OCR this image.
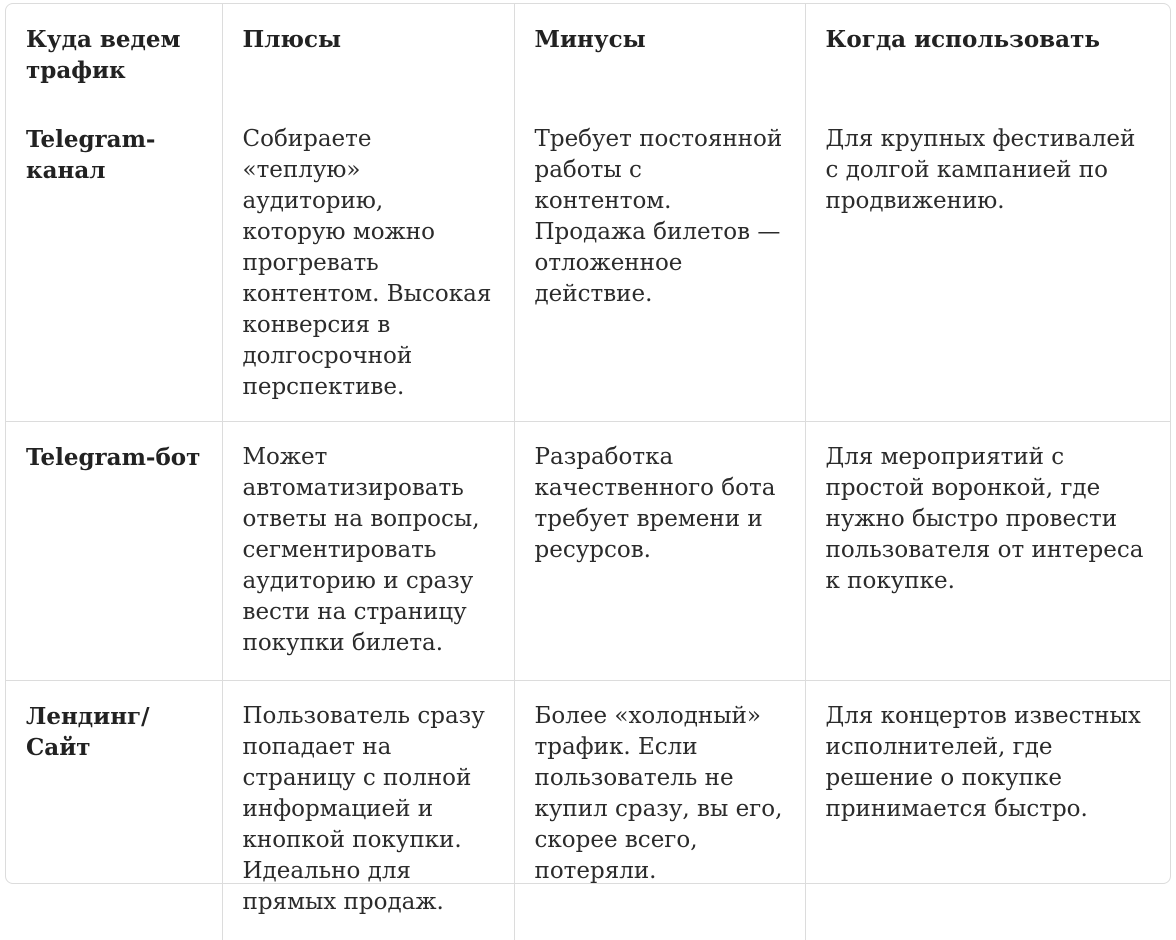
Куда ведем трафик	Плюсы	Минусы	Когда использовать
Telegram-канал	Собираете «теплую» аудиторию, которую можно прогревать контентом. Высокая конверсия в долгосрочной перспективе.	Требует постоянной работы с контентом. Продажа билетов — отложенное действие.	Для крупных фестивалей с долгой кампанией по продвижению.
Telegram-бот	Может автоматизировать ответы на вопросы, сегментировать аудиторию и сразу вести на страницу покупки билета.	Разработка качественного бота требует времени и ресурсов.	Для мероприятий с простой воронкой, где нужно быстро провести пользователя от интереса к покупке.
Лендинг/ Сайт	Пользователь сразу попадает на страницу с полной информацией и кнопкой покупки. Идеально для прямых продаж.	Более «холодный» трафик. Если пользователь не купил сразу, вы его, скорее всего, потеряли.	Для концертов известных исполнителей, где решение о покупке принимается быстро.
